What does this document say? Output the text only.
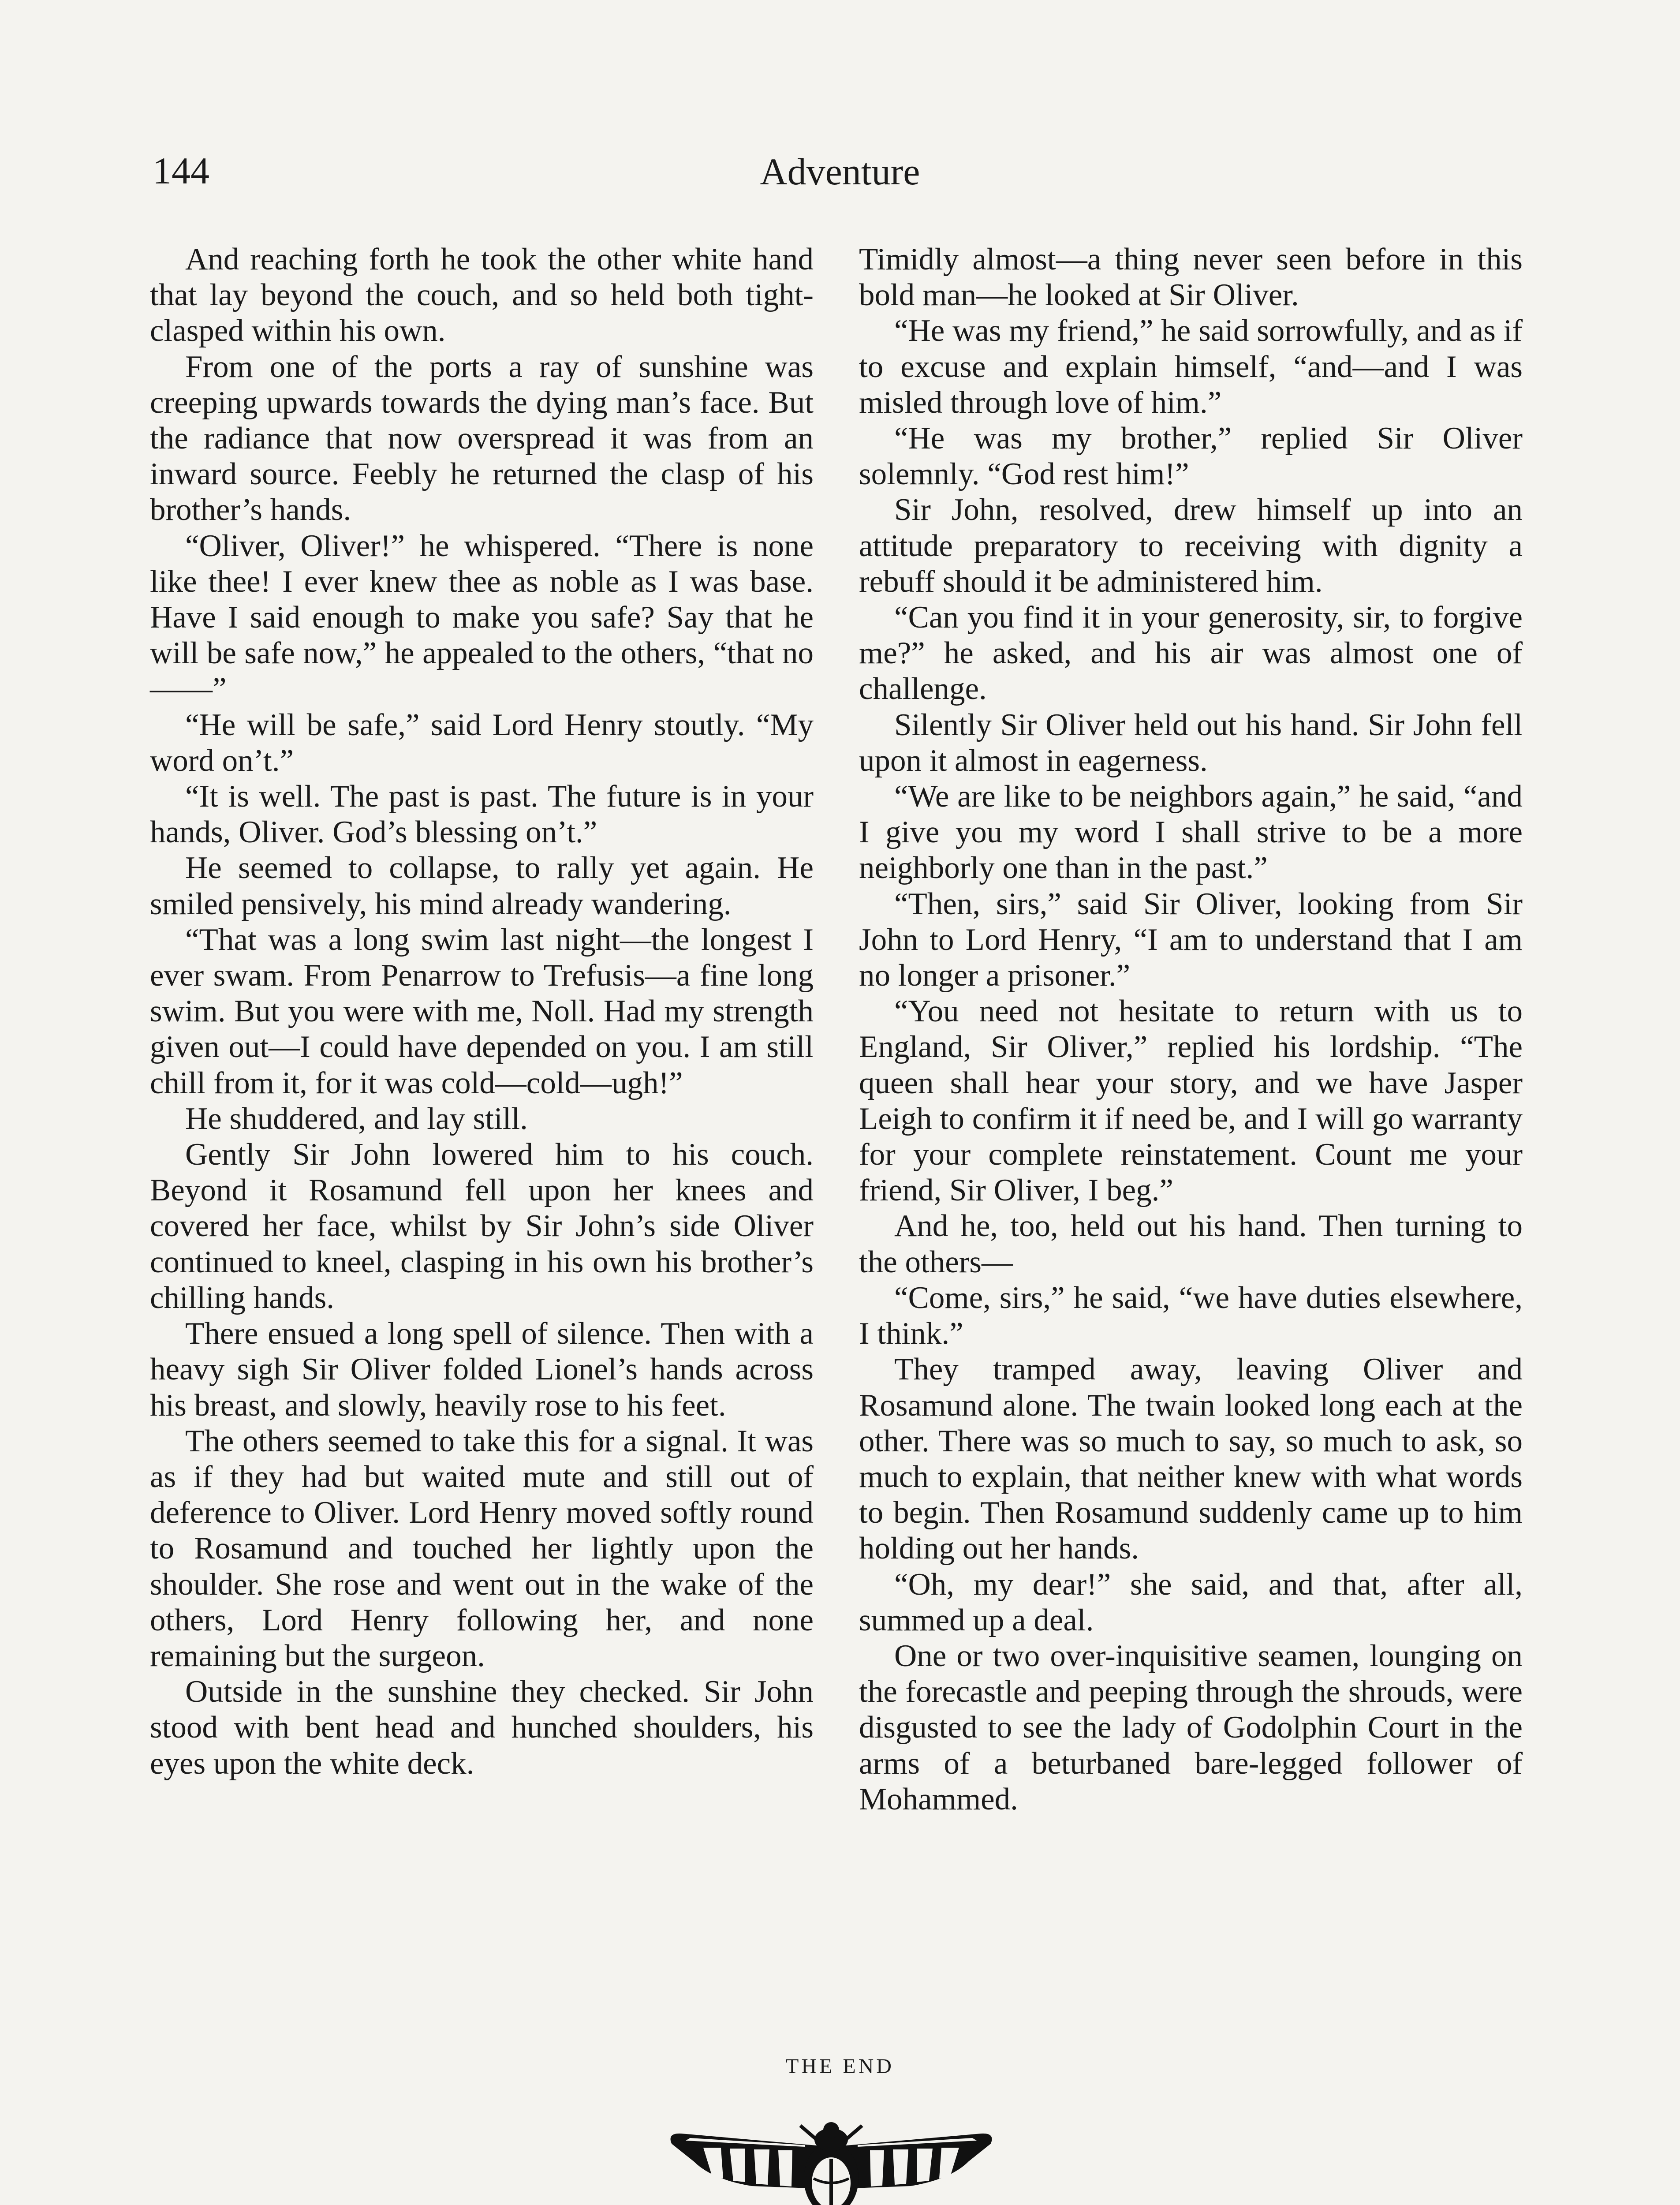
144	Adventure

And reaching forth he took the other white hand that lay beyond the couch, and so held both tight-clasped within his own.

From one of the ports a ray of sunshine was creeping upwards towards the dying man’s face. But the radiance that now overspread it was from an inward source. Feebly he returned the clasp of his brother’s hands.

“Oliver, Oliver!” he whispered. “There is none like thee! I ever knew thee as noble as I was base. Have I said enough to make you safe? Say that he will be safe now,” he appealed to the others, “that no——”

“He will be safe,” said Lord Henry stoutly. “My word on’t.”

“It is well. The past is past. The future is in your hands, Oliver. God’s blessing on’t.”

He seemed to collapse, to rally yet again. He smiled pensively, his mind already wandering.

“That was a long swim last night—the longest I ever swam. From Penarrow to Trefusis—a fine long swim. But you were with me, Noll. Had my strength given out—I could have depended on you. I am still chill from it, for it was cold—cold—ugh!”

He shuddered, and lay still.

Gently Sir John lowered him to his couch. Beyond it Rosamund fell upon her knees and covered her face, whilst by Sir John’s side Oliver continued to kneel, clasping in his own his brother’s chilling hands.

There ensued a long spell of silence. Then with a heavy sigh Sir Oliver folded Lionel’s hands across his breast, and slowly, heavily rose to his feet.

The others seemed to take this for a signal. It was as if they had but waited mute and still out of deference to Oliver. Lord Henry moved softly round to Rosamund and touched her lightly upon the shoulder. She rose and went out in the wake of the others, Lord Henry following her, and none remaining but the surgeon.

Outside in the sunshine they checked. Sir John stood with bent head and hunched shoulders, his eyes upon the white deck.

Timidly almost—a thing never seen before in this bold man—he looked at Sir Oliver.

“He was my friend,” he said sorrowfully, and as if to excuse and explain himself, “and—and I was misled through love of him.”

“He was my brother,” replied Sir Oliver solemnly. “God rest him!”

Sir John, resolved, drew himself up into an attitude preparatory to receiving with dignity a rebuff should it be administered him.

“Can you find it in your generosity, sir, to forgive me?” he asked, and his air was almost one of challenge.

Silently Sir Oliver held out his hand. Sir John fell upon it almost in eagerness.

“We are like to be neighbors again,” he said, “and I give you my word I shall strive to be a more neighborly one than in the past.”

“Then, sirs,” said Sir Oliver, looking from Sir John to Lord Henry, “I am to understand that I am no longer a prisoner.”

“You need not hesitate to return with us to England, Sir Oliver,” replied his lordship. “The queen shall hear your story, and we have Jasper Leigh to confirm it if need be, and I will go warranty for your complete reinstatement. Count me your friend, Sir Oliver, I beg.”

And he, too, held out his hand. Then turning to the others—

“Come, sirs,” he said, “we have duties elsewhere, I think.”

They tramped away, leaving Oliver and Rosamund alone. The twain looked long each at the other. There was so much to say, so much to ask, so much to explain, that neither knew with what words to begin. Then Rosamund suddenly came up to him holding out her hands.

“Oh, my dear!” she said, and that, after all, summed up a deal.

One or two over-inquisitive seamen, lounging on the forecastle and peeping through the shrouds, were disgusted to see the lady of Godolphin Court in the arms of a beturbaned bare-legged follower of Mohammed.

THE END
